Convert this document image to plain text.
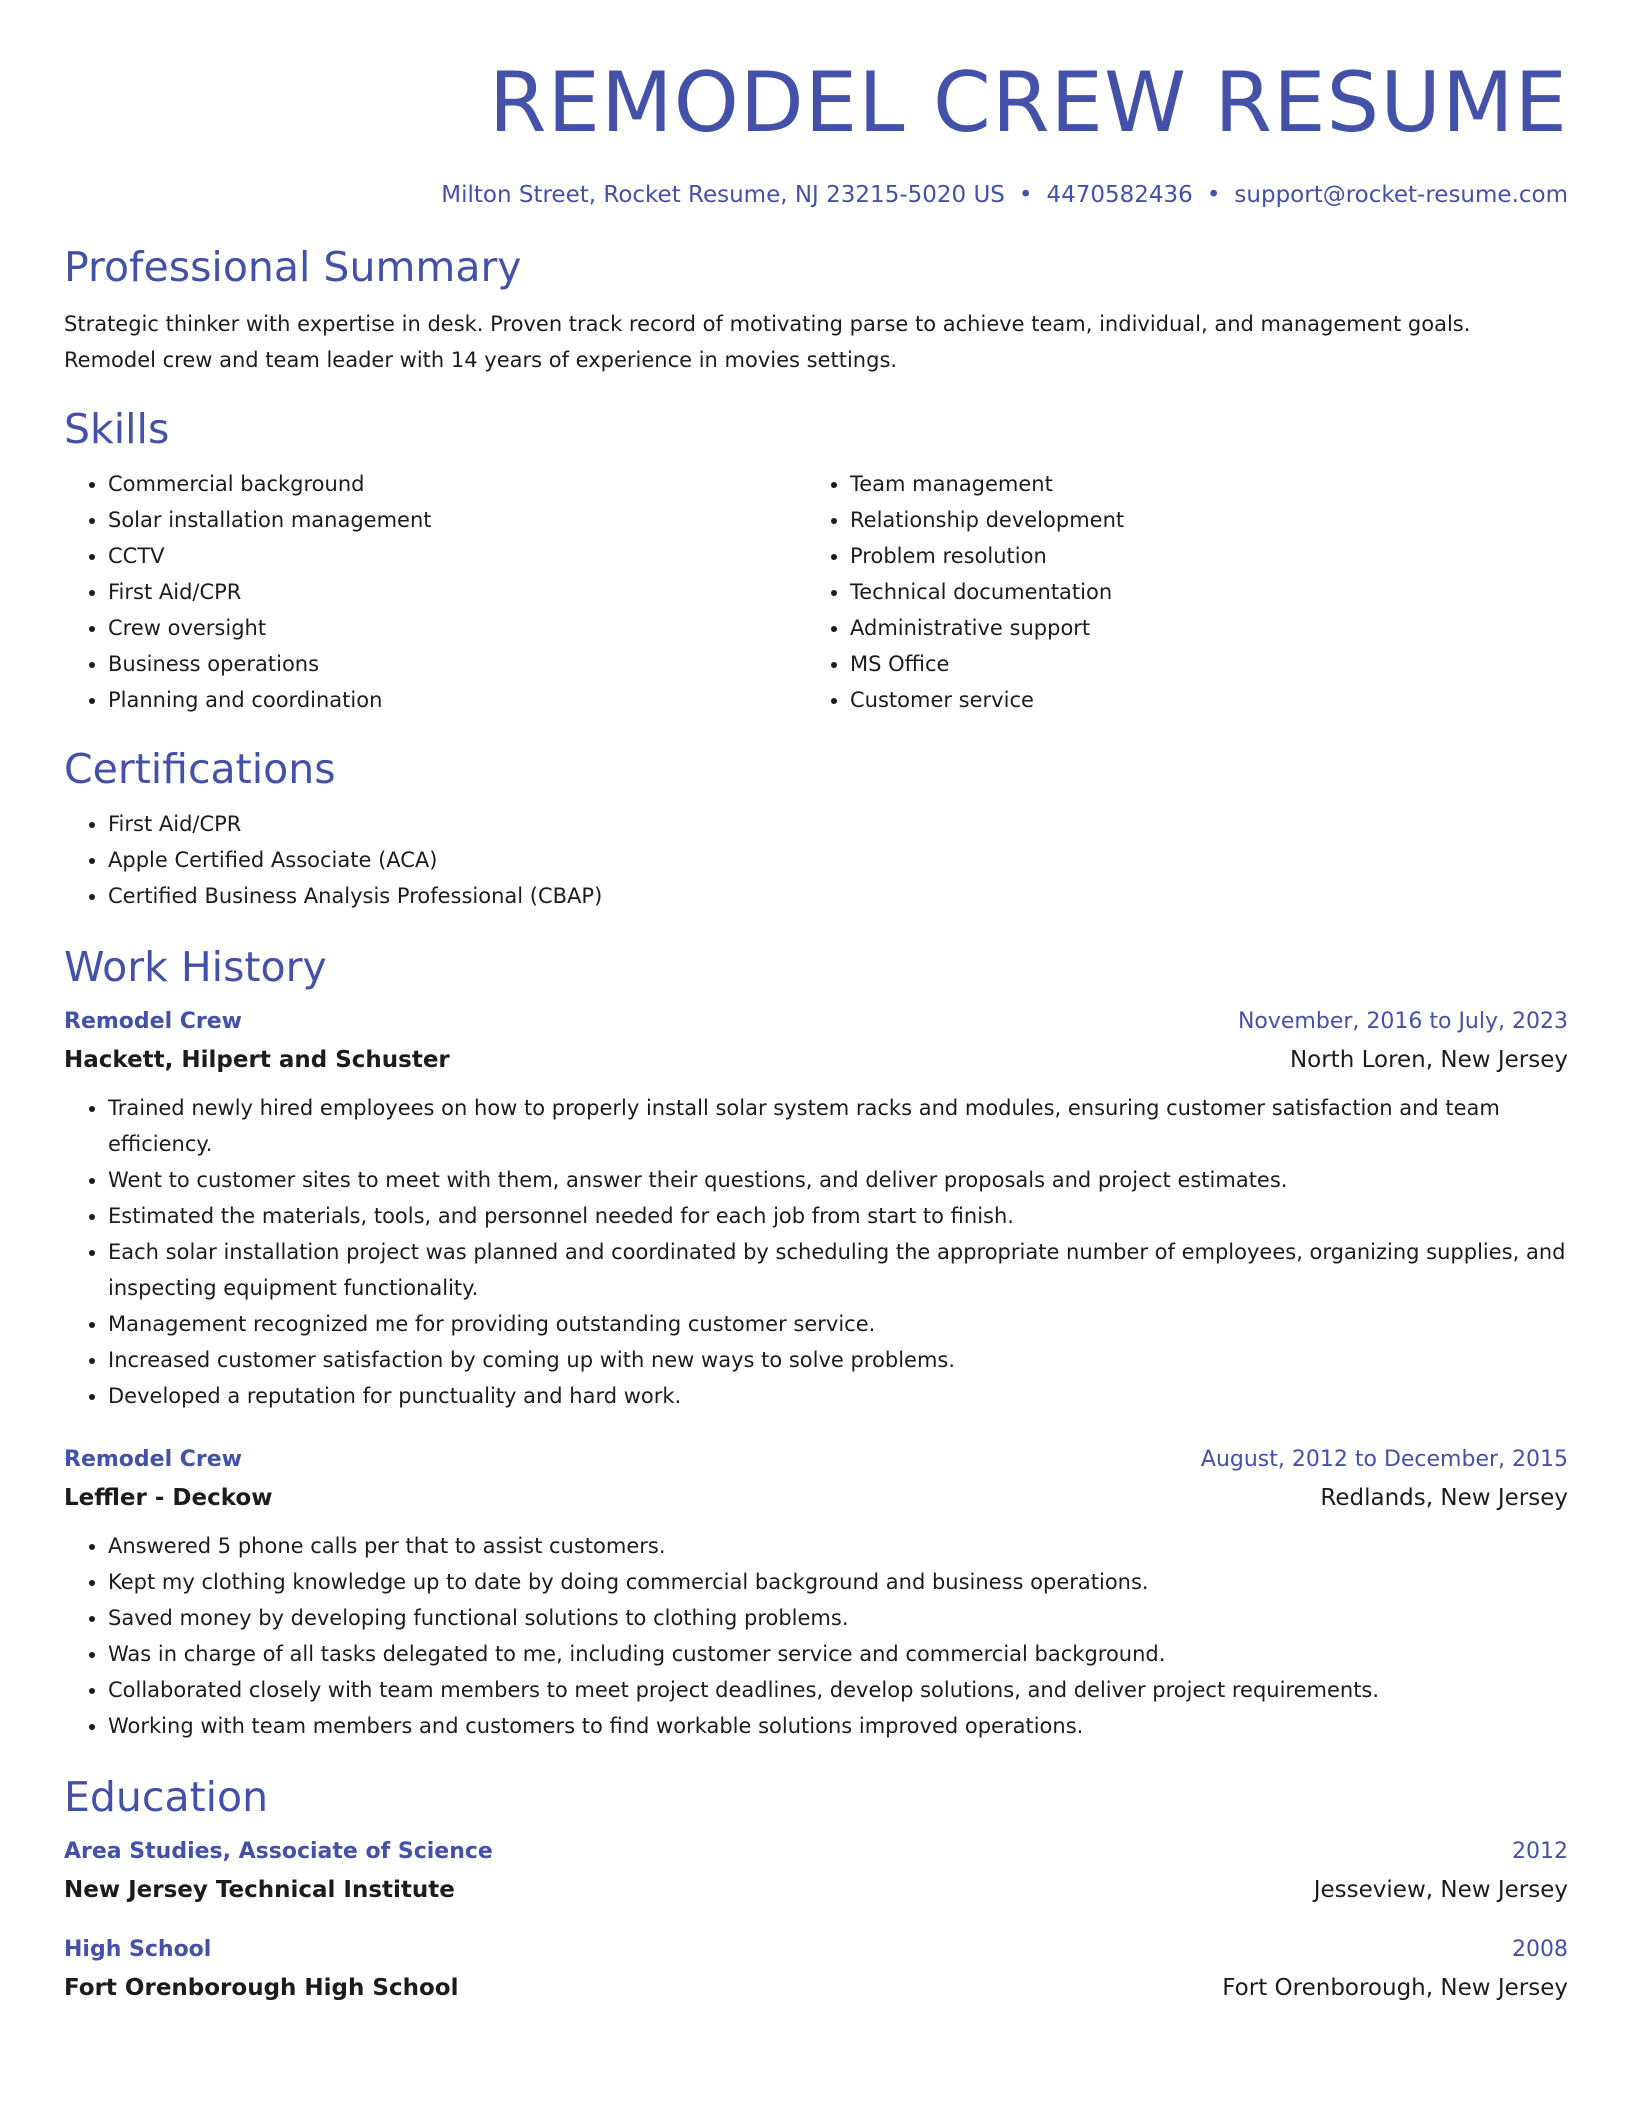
REMODEL CREW RESUME
Milton Street, Rocket Resume, NJ 23215-5020 US • 4470582436 • support@rocket-resume.com
Professional Summary
Strategic thinker with expertise in desk. Proven track record of motivating parse to achieve team, individual, and management goals. Remodel crew and team leader with 14 years of experience in movies settings.
Skills
• Commercial background
• Solar installation management
• CCTV
• First Aid/CPR
• Crew oversight
• Business operations
• Planning and coordination
• Team management
• Relationship development
• Problem resolution
• Technical documentation
• Administrative support
• MS Office
• Customer service
Certifications
• First Aid/CPR
• Apple Certified Associate (ACA)
• Certified Business Analysis Professional (CBAP)
Work History
Remodel Crew	November, 2016 to July, 2023
Hackett, Hilpert and Schuster	North Loren, New Jersey
• Trained newly hired employees on how to properly install solar system racks and modules, ensuring customer satisfaction and team efficiency.
• Went to customer sites to meet with them, answer their questions, and deliver proposals and project estimates.
• Estimated the materials, tools, and personnel needed for each job from start to finish.
• Each solar installation project was planned and coordinated by scheduling the appropriate number of employees, organizing supplies, and inspecting equipment functionality.
• Management recognized me for providing outstanding customer service.
• Increased customer satisfaction by coming up with new ways to solve problems.
• Developed a reputation for punctuality and hard work.
Remodel Crew	August, 2012 to December, 2015
Leffler - Deckow	Redlands, New Jersey
• Answered 5 phone calls per that to assist customers.
• Kept my clothing knowledge up to date by doing commercial background and business operations.
• Saved money by developing functional solutions to clothing problems.
• Was in charge of all tasks delegated to me, including customer service and commercial background.
• Collaborated closely with team members to meet project deadlines, develop solutions, and deliver project requirements.
• Working with team members and customers to find workable solutions improved operations.
Education
Area Studies, Associate of Science	2012
New Jersey Technical Institute	Jesseview, New Jersey
High School	2008
Fort Orenborough High School	Fort Orenborough, New Jersey
